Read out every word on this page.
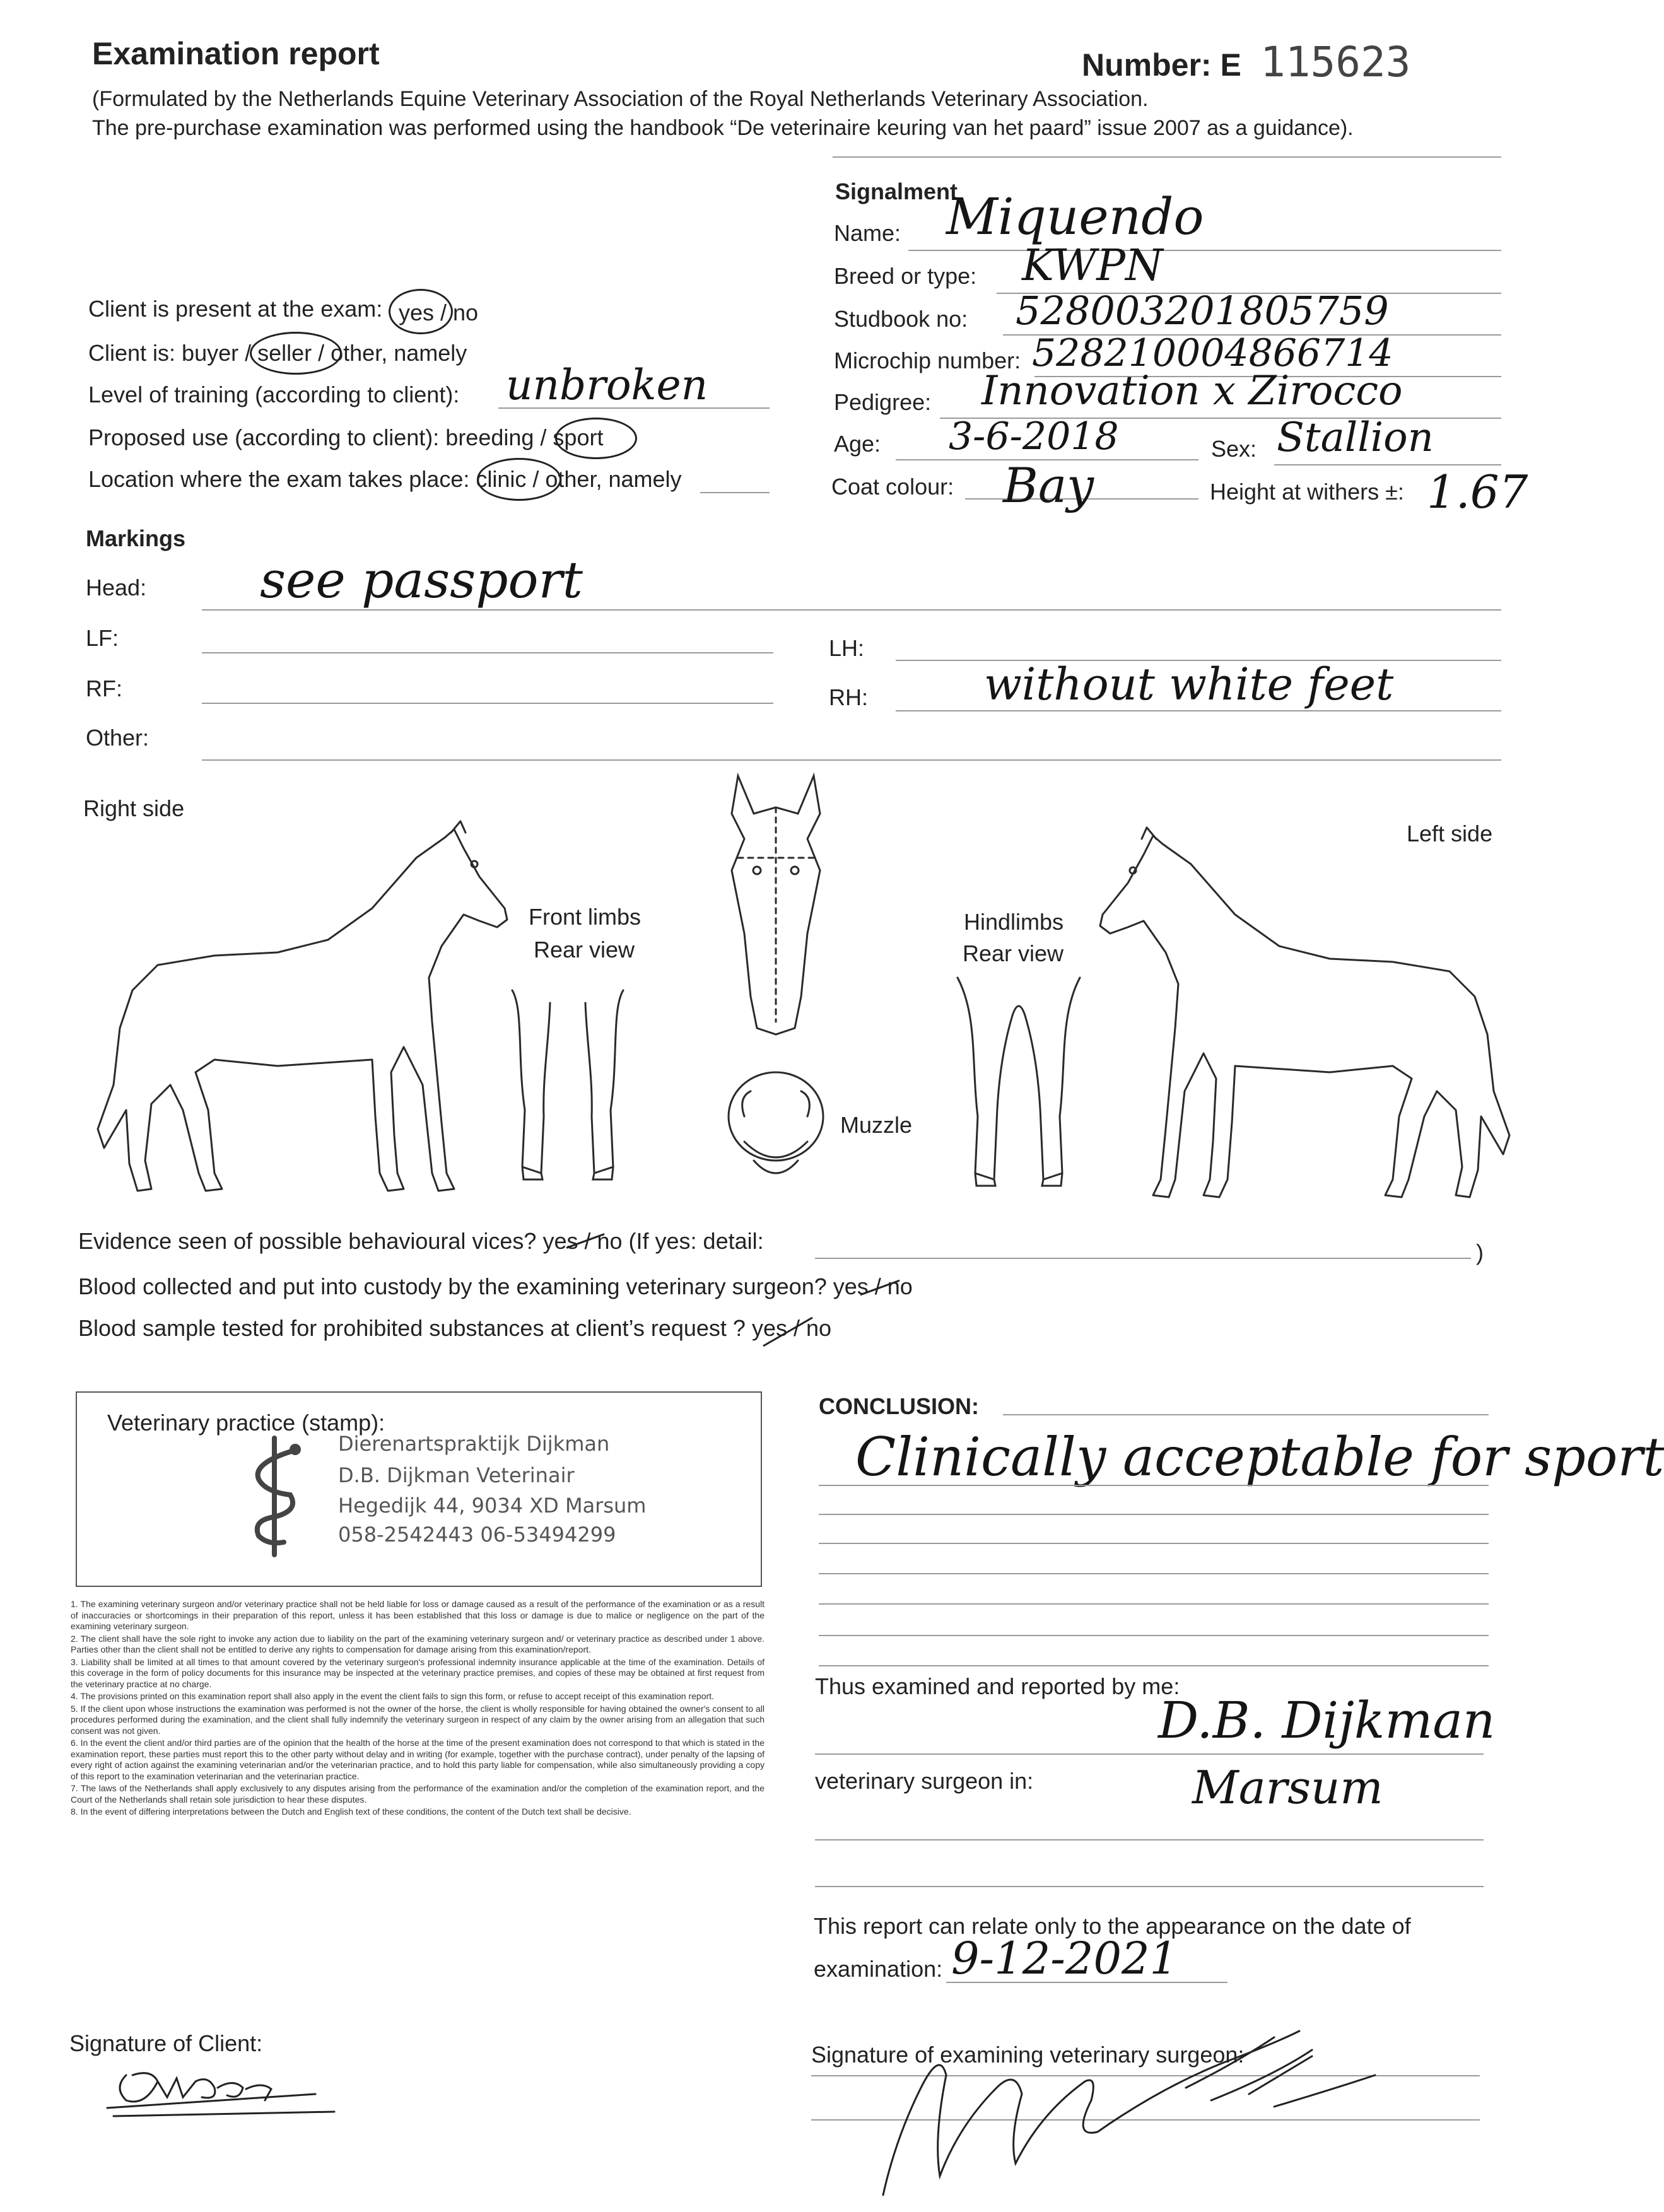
Examination report	Number: E 115623
(Formulated by the Netherlands Equine Veterinary Association of the Royal Netherlands Veterinary Association.
The pre-purchase examination was performed using the handbook “De veterinaire keuring van het paard” issue 2007 as a guidance).
Client is present at the exam: yes / no
Client is: buyer / seller / other, namely
Level of training (according to client): unbroken
Proposed use (according to client): breeding / sport
Location where the exam takes place: clinic / other, namely
Signalment
Name: Miquendo
Breed or type: KWPN
Studbook no: 528003201805759
Microchip number: 528210004866714
Pedigree: Innovation x Zirocco
Age: 3-6-2018	Sex: Stallion
Coat colour: Bay	Height at withers ±: 1.67
Markings
Head: see passport
LF:	LH:
RF:	RH:	without white feet
Other:
Right side
Left side
Front limbs
Rear view
Hindlimbs
Rear view
Muzzle
Evidence seen of possible behavioural vices? yes / no (If yes: detail:	)
Blood collected and put into custody by the examining veterinary surgeon? yes / no
Blood sample tested for prohibited substances at client’s request ? yes / no
Veterinary practice (stamp):
Dierenartspraktijk Dijkman
D.B. Dijkman Veterinair
Hegedijk 44, 9034 XD Marsum
058-2542443 06-53494299

1. The examining veterinary surgeon and/or veterinary practice shall not be held liable for loss or damage caused as a result of the performance of the examination or as a result of inaccuracies or shortcomings in their preparation of this report, unless it has been established that this loss or damage is due to malice or negligence on the part of the examining veterinary surgeon.

2. The client shall have the sole right to invoke any action due to liability on the part of the examining veterinary surgeon and/ or veterinary practice as described under 1 above. Parties other than the client shall not be entitled to derive any rights to compensation for damage arising from this examination/report.

3. Liability shall be limited at all times to that amount covered by the veterinary surgeon's professional indemnity insurance applicable at the time of the examination. Details of this coverage in the form of policy documents for this insurance may be inspected at the veterinary practice premises, and copies of these may be obtained at first request from the veterinary practice at no charge.

4. The provisions printed on this examination report shall also apply in the event the client fails to sign this form, or refuse to accept receipt of this examination report.

5. If the client upon whose instructions the examination was performed is not the owner of the horse, the client is wholly responsible for having obtained the owner's consent to all procedures performed during the examination, and the client shall fully indemnify the veterinary surgeon in respect of any claim by the owner arising from an allegation that such consent was not given.

6. In the event the client and/or third parties are of the opinion that the health of the horse at the time of the present examination does not correspond to that which is stated in the examination report, these parties must report this to the other party without delay and in writing (for example, together with the purchase contract), under penalty of the lapsing of every right of action against the examining veterinarian and/or the veterinarian practice, and to hold this party liable for compensation, while also simultaneously providing a copy of this report to the examination veterinarian and the veterinarian practice.

7. The laws of the Netherlands shall apply exclusively to any disputes arising from the performance of the examination and/or the completion of the examination report, and the Court of the Netherlands shall retain sole jurisdiction to hear these disputes.

8. In the event of differing interpretations between the Dutch and English text of these conditions, the content of the Dutch text shall be decisive.

Signature of Client:
CONCLUSION:
Clinically acceptable for sport
Thus examined and reported by me:
D.B. Dijkman
veterinary surgeon in:	Marsum
This report can relate only to the appearance on the date of
examination: 9-12-2021
Signature of examining veterinary surgeon:
